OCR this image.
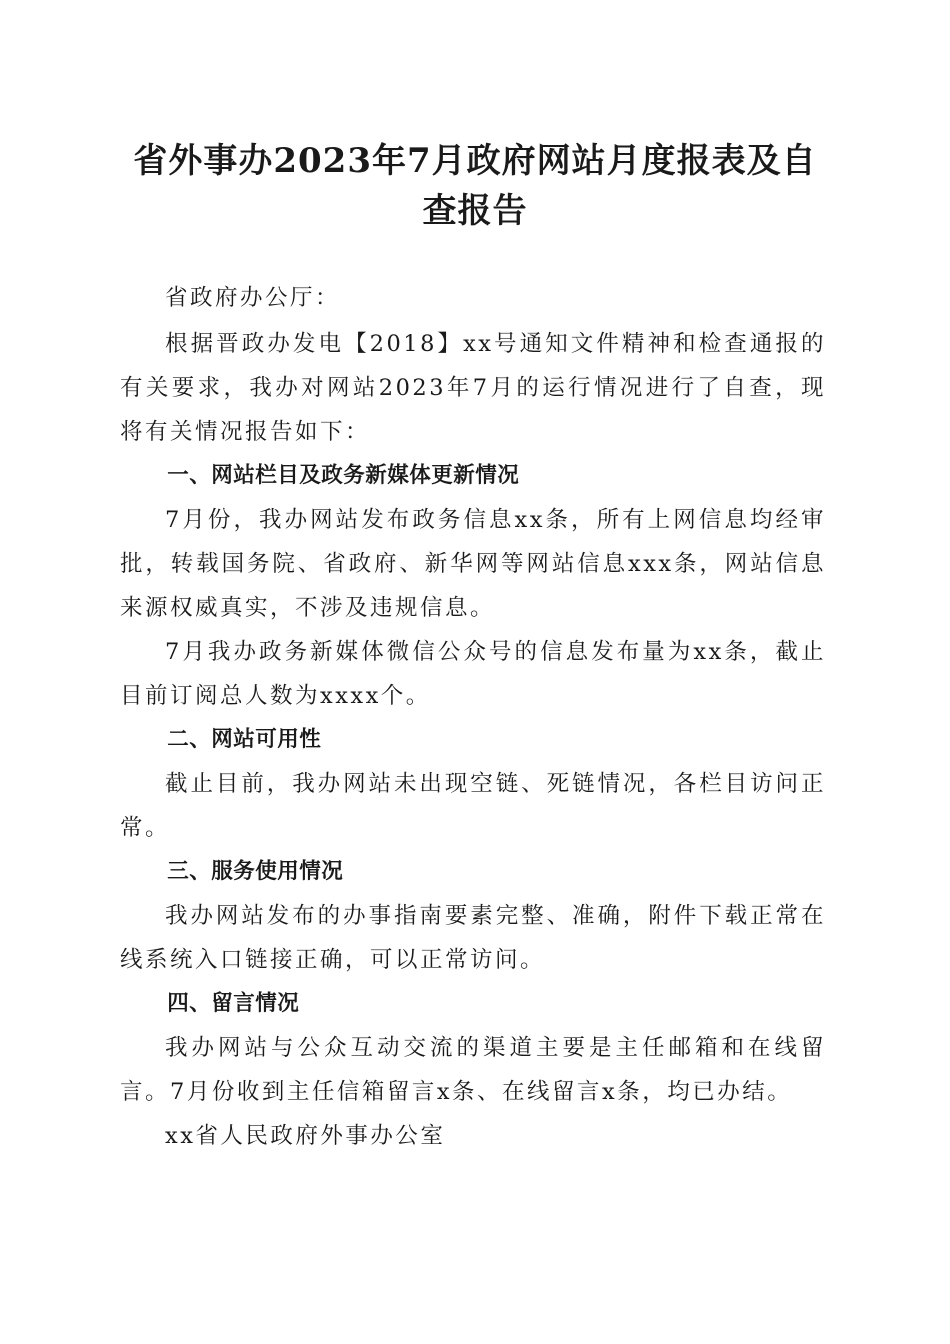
省外事办2023年7月政府网站月度报表及自查报告

省政府办公厅：

根据晋政办发电【2018】xx号通知文件精神和检查通报的有关要求，我办对网站2023年7月的运行情况进行了自查，现将有关情况报告如下：

一、网站栏目及政务新媒体更新情况

7月份，我办网站发布政务信息xx条，所有上网信息均经审批，转载国务院、省政府、新华网等网站信息xxx条，网站信息来源权威真实，不涉及违规信息。

7月我办政务新媒体微信公众号的信息发布量为xx条，截止目前订阅总人数为xxxx个。

二、网站可用性

截止目前，我办网站未出现空链、死链情况，各栏目访问正常。

三、服务使用情况

我办网站发布的办事指南要素完整、准确，附件下载正常在线系统入口链接正确，可以正常访问。

四、留言情况

我办网站与公众互动交流的渠道主要是主任邮箱和在线留言。7月份收到主任信箱留言x条、在线留言x条，均已办结。

xx省人民政府外事办公室
